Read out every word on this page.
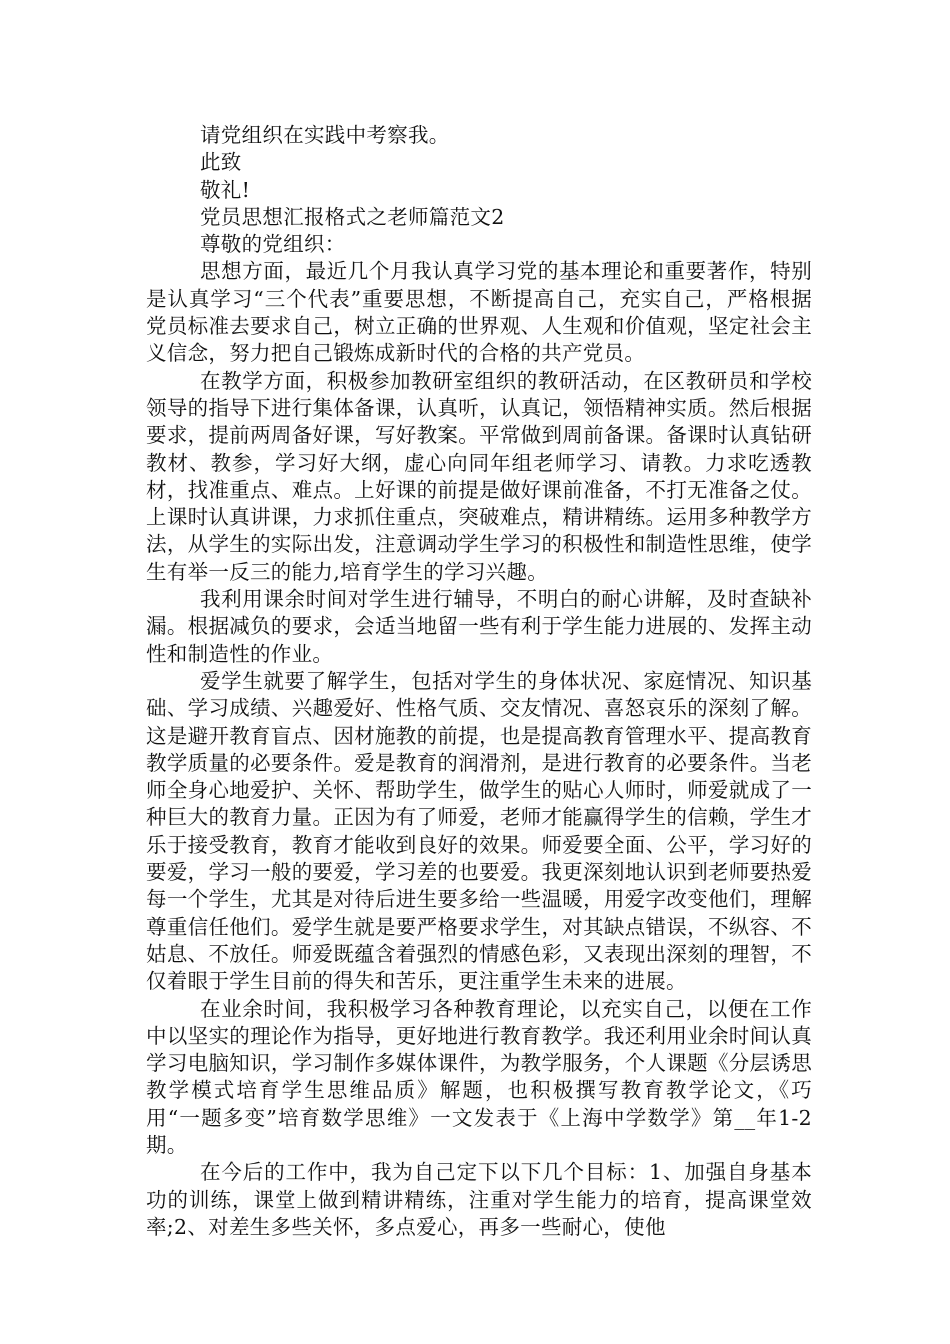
请党组织在实践中考察我。

此致

敬礼!

党员思想汇报格式之老师篇范文2

尊敬的党组织：

思想方面，最近几个月我认真学习党的基本理论和重要著作，特别是认真学习“三个代表”重要思想，不断提高自己，充实自己，严格根据党员标准去要求自己，树立正确的世界观、人生观和价值观，坚定社会主义信念，努力把自己锻炼成新时代的合格的共产党员。

在教学方面，积极参加教研室组织的教研活动，在区教研员和学校领导的指导下进行集体备课，认真听，认真记，领悟精神实质。然后根据要求，提前两周备好课，写好教案。平常做到周前备课。备课时认真钻研教材、教参，学习好大纲，虚心向同年组老师学习、请教。力求吃透教材，找准重点、难点。上好课的前提是做好课前准备，不打无准备之仗。上课时认真讲课，力求抓住重点，突破难点，精讲精练。运用多种教学方法，从学生的实际出发，注意调动学生学习的积极性和制造性思维，使学生有举一反三的能力,培育学生的学习兴趣。

我利用课余时间对学生进行辅导，不明白的耐心讲解，及时查缺补漏。根据减负的要求，会适当地留一些有利于学生能力进展的、发挥主动性和制造性的作业。

爱学生就要了解学生，包括对学生的身体状况、家庭情况、知识基础、学习成绩、兴趣爱好、性格气质、交友情况、喜怒哀乐的深刻了解。这是避开教育盲点、因材施教的前提，也是提高教育管理水平、提高教育教学质量的必要条件。爱是教育的润滑剂，是进行教育的必要条件。当老师全身心地爱护、关怀、帮助学生，做学生的贴心人师时，师爱就成了一种巨大的教育力量。正因为有了师爱，老师才能赢得学生的信赖，学生才乐于接受教育，教育才能收到良好的效果。师爱要全面、公平，学习好的要爱，学习一般的要爱，学习差的也要爱。我更深刻地认识到老师要热爱每一个学生，尤其是对待后进生要多给一些温暖，用爱字改变他们，理解尊重信任他们。爱学生就是要严格要求学生，对其缺点错误，不纵容、不姑息、不放任。师爱既蕴含着强烈的情感色彩，又表现出深刻的理智，不仅着眼于学生目前的得失和苦乐，更注重学生未来的进展。

在业余时间，我积极学习各种教育理论，以充实自己，以便在工作中以坚实的理论作为指导，更好地进行教育教学。我还利用业余时间认真学习电脑知识，学习制作多媒体课件，为教学服务，个人课题《分层诱思教学模式培育学生思维品质》解题，也积极撰写教育教学论文，《巧用“一题多变”培育数学思维》一文发表于《上海中学数学》第__年1-2期。

在今后的工作中，我为自己定下以下几个目标：1、加强自身基本功的训练，课堂上做到精讲精练，注重对学生能力的培育，提高课堂效率;2、对差生多些关怀，多点爱心，再多一些耐心，使他
